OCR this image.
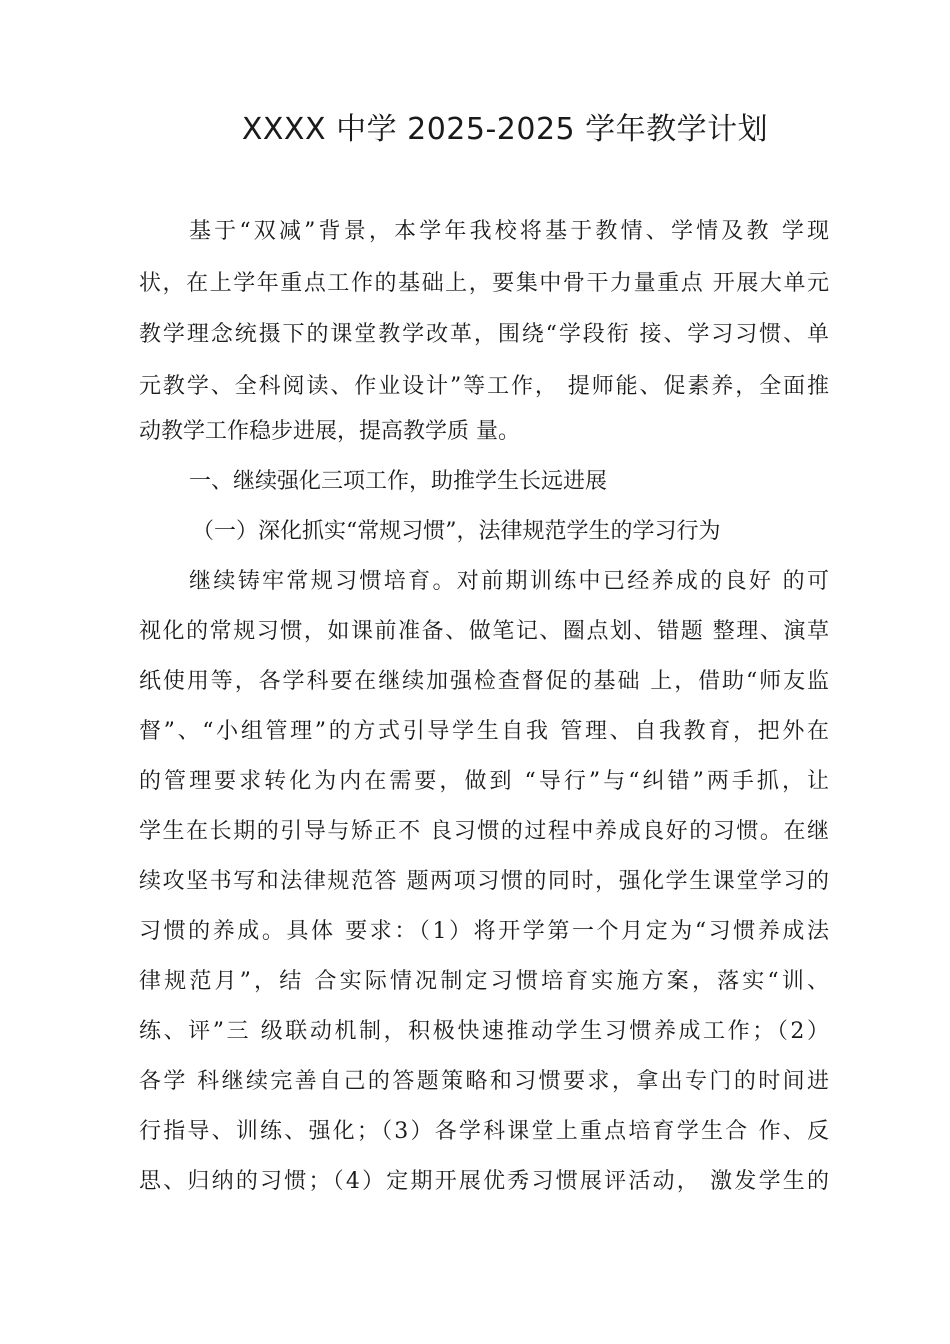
XXXX 中学 2025-2025 学年教学计划
基于“双减”背景，本学年我校将基于教情、学情及教 学现
状，在上学年重点工作的基础上，要集中骨干力量重点 开展大单元
教学理念统摄下的课堂教学改革，围绕“学段衔 接、学习习惯、单
元教学、全科阅读、作业设计”等工作， 提师能、促素养，全面推
动教学工作稳步进展，提高教学质 量。
一、继续强化三项工作，助推学生长远进展
（一）深化抓实“常规习惯”，法律规范学生的学习行为
继续铸牢常规习惯培育。对前期训练中已经养成的良好 的可
视化的常规习惯，如课前准备、做笔记、圈点划、错题 整理、演草
纸使用等，各学科要在继续加强检查督促的基础 上，借助“师友监
督”、“小组管理”的方式引导学生自我 管理、自我教育，把外在
的管理要求转化为内在需要，做到 “导行”与“纠错”两手抓，让
学生在长期的引导与矫正不 良习惯的过程中养成良好的习惯。在继
续攻坚书写和法律规范答 题两项习惯的同时，强化学生课堂学习的
习惯的养成。具体 要求：（1）将开学第一个月定为“习惯养成法
律规范月”，结 合实际情况制定习惯培育实施方案，落实“训、
练、评”三 级联动机制，积极快速推动学生习惯养成工作；（2）
各学 科继续完善自己的答题策略和习惯要求，拿出专门的时间进
行指导、训练、强化；（3）各学科课堂上重点培育学生合 作、反
思、归纳的习惯；（4）定期开展优秀习惯展评活动， 激发学生的
